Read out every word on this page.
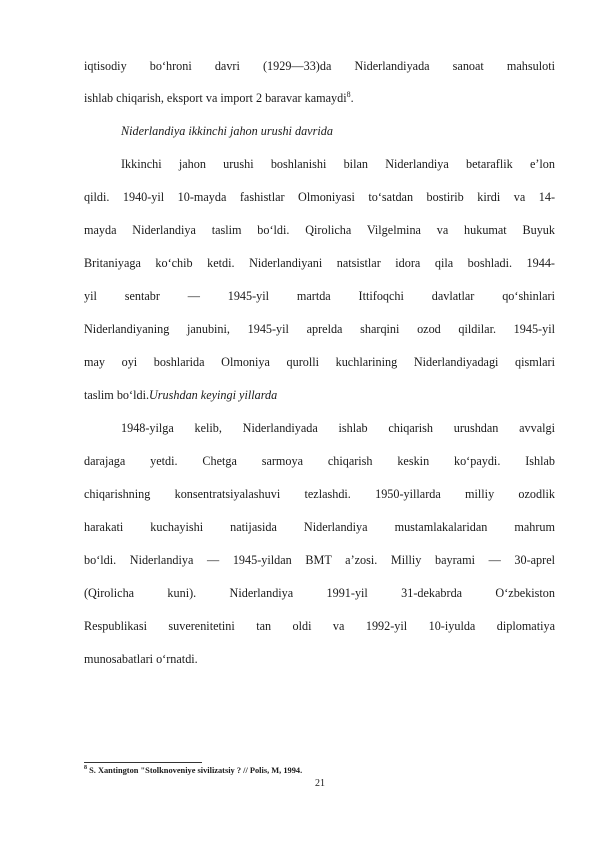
iqtisodiy bo‘hroni davri (1929—33)da Niderlandiyada sanoat mahsuloti
ishlab chiqarish, eksport va import 2 baravar kamaydi$^8$.
Niderlandiya ikkinchi jahon urushi davrida
Ikkinchi jahon urushi boshlanishi bilan Niderlandiya betaraflik e’lon
qildi. 1940-yil 10-mayda fashistlar Olmoniyasi to‘satdan bostirib kirdi va 14-
mayda Niderlandiya taslim bo‘ldi. Qirolicha Vilgelmina va hukumat Buyuk
Britaniyaga ko‘chib ketdi. Niderlandiyani natsistlar idora qila boshladi. 1944-
yil sentabr — 1945-yil martda Ittifoqchi davlatlar qo‘shinlari
Niderlandiyaning janubini, 1945-yil aprelda sharqini ozod qildilar. 1945-yil
may oyi boshlarida Olmoniya qurolli kuchlarining Niderlandiyadagi qismlari
taslim bo‘ldi.Urushdan keyingi yillarda
1948-yilga kelib, Niderlandiyada ishlab chiqarish urushdan avvalgi
darajaga yetdi. Chetga sarmoya chiqarish keskin ko‘paydi. Ishlab
chiqarishning konsentratsiyalashuvi tezlashdi. 1950-yillarda milliy ozodlik
harakati kuchayishi natijasida Niderlandiya mustamlakalaridan mahrum
bo‘ldi. Niderlandiya — 1945-yildan BMT a’zosi. Milliy bayrami — 30-aprel
(Qirolicha kuni). Niderlandiya 1991-yil 31-dekabrda O‘zbekiston
Respublikasi suverenitetini tan oldi va 1992-yil 10-iyulda diplomatiya
munosabatlari o‘rnatdi.
$^8$ S. Xantington "Stolknoveniye sivilizatsiy ? // Polis, M, 1994.
21
